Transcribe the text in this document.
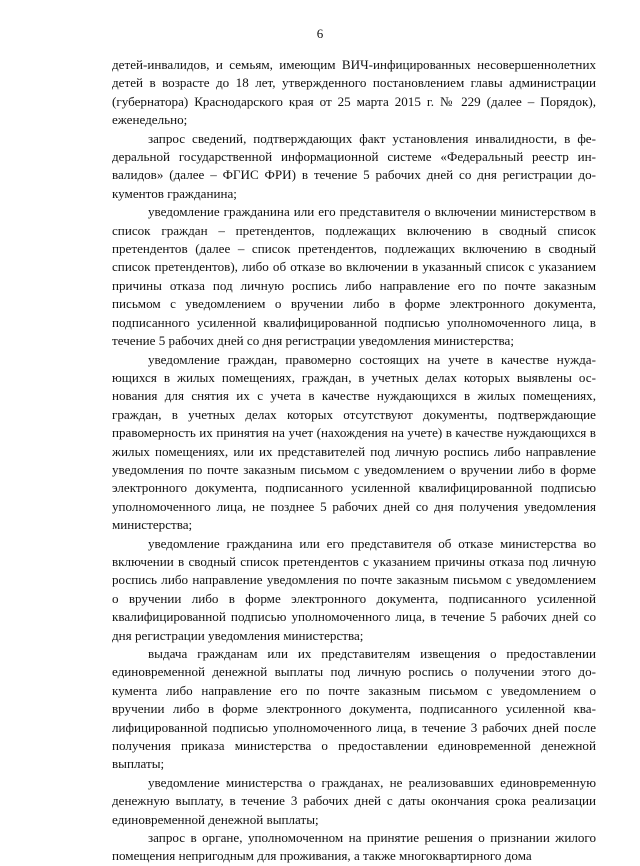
6

детей-инвалидов, и семьям, имеющим ВИЧ-инфицированных несовершеннолетних детей в возрасте до 18 лет, утвержденного постановлением главы администрации (губернатора) Краснодарского края от 25 марта 2015 г. № 229 (далее – Порядок), еженедельно;

запрос сведений, подтверждающих факт установления инвалидности, в федеральной государственной информационной системе «Федеральный реестр инвалидов» (далее – ФГИС ФРИ) в течение 5 рабочих дней со дня регистрации документов гражданина;

уведомление гражданина или его представителя о включении министерством в список граждан – претендентов, подлежащих включению в сводный список претендентов (далее – список претендентов, подлежащих включению в сводный список претендентов), либо об отказе во включении в указанный список с указанием причины отказа под личную роспись либо направление его по почте заказным письмом с уведомлением о вручении либо в форме электронного документа, подписанного усиленной квалифицированной подписью уполномоченного лица, в течение 5 рабочих дней со дня регистрации уведомления министерства;

уведомление граждан, правомерно состоящих на учете в качестве нуждающихся в жилых помещениях, граждан, в учетных делах которых выявлены основания для снятия их с учета в качестве нуждающихся в жилых помещениях, граждан, в учетных делах которых отсутствуют документы, подтверждающие правомерность их принятия на учет (нахождения на учете) в качестве нуждающихся в жилых помещениях, или их представителей под личную роспись либо направление уведомления по почте заказным письмом с уведомлением о вручении либо в форме электронного документа, подписанного усиленной квалифицированной подписью уполномоченного лица, не позднее 5 рабочих дней со дня получения уведомления министерства;

уведомление гражданина или его представителя об отказе министерства во включении в сводный список претендентов с указанием причины отказа под личную роспись либо направление уведомления по почте заказным письмом с уведомлением о вручении либо в форме электронного документа, подписанного усиленной квалифицированной подписью уполномоченного лица, в течение 5 рабочих дней со дня регистрации уведомления министерства;

выдача гражданам или их представителям извещения о предоставлении единовременной денежной выплаты под личную роспись о получении этого документа либо направление его по почте заказным письмом с уведомлением о вручении либо в форме электронного документа, подписанного усиленной квалифицированной подписью уполномоченного лица, в течение 3 рабочих дней после получения приказа министерства о предоставлении единовременной денежной выплаты;

уведомление министерства о гражданах, не реализовавших единовременную денежную выплату, в течение 3 рабочих дней с даты окончания срока реализации единовременной денежной выплаты;

запрос в органе, уполномоченном на принятие решения о признании жилого помещения непригодным для проживания, а также многоквартирного дома
